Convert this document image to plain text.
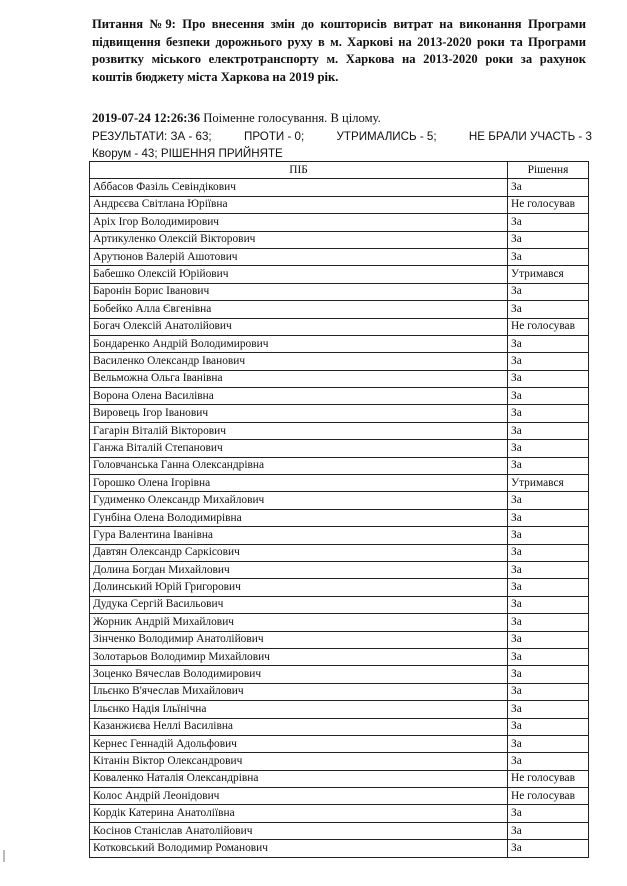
Питання №9: Про внесення змін до кошторисів витрат на виконання Програми підвищення безпеки дорожнього руху в м. Харкові на 2013-2020 роки та Програми розвитку міського електротранспорту м. Харкова на 2013-2020 роки за рахунок коштів бюджету міста Харкова на 2019 рік.
2019-07-24 12:26:36 Поіменне голосування. В цілому.
РЕЗУЛЬТАТИ: ЗА - 63;	ПРОТИ - 0;	УТРИМАЛИСЬ - 5;	НЕ БРАЛИ УЧАСТЬ - 3
Кворум - 43; РІШЕННЯ ПРИЙНЯТЕ
ПІБ	Рішення
Аббасов Фазіль Севіндікович	За
Андрєєва Світлана Юріївна	Не голосував
Аріх Ігор Володимирович	За
Артикуленко Олексій Вікторович	За
Арутюнов Валерій Ашотович	За
Бабешко Олексій Юрійович	Утримався
Баронін Борис Іванович	За
Бобейко Алла Євгенівна	За
Богач Олексій Анатолійович	Не голосував
Бондаренко Андрій Володимирович	За
Василенко Олександр Іванович	За
Вельможна Ольга Іванівна	За
Ворона Олена Василівна	За
Вировець Ігор Іванович	За
Гагарін Віталій Вікторович	За
Ганжа Віталій Степанович	За
Головчанська Ганна Олександрівна	За
Горошко Олена Ігорівна	Утримався
Гудименко Олександр Михайлович	За
Гунбіна Олена Володимирівна	За
Гура Валентина Іванівна	За
Давтян Олександр Саркісович	За
Долина Богдан Михайлович	За
Долинський Юрій Григорович	За
Дудука Сергій Васильович	За
Жорник Андрій Михайлович	За
Зінченко Володимир Анатолійович	За
Золотарьов Володимир Михайлович	За
Зоценко Вячеслав Володимирович	За
Ільєнко В'ячеслав Михайлович	За
Ільєнко Надія Ільїнічна	За
Казанжиєва Неллі Василівна	За
Кернес Геннадій Адольфович	За
Кітанін Віктор Олександрович	За
Коваленко Наталія Олександрівна	Не голосував
Колос Андрій Леонідович	Не голосував
Кордік Катерина Анатоліївна	За
Косінов Станіслав Анатолійович	За
Котковський Володимир Романович	За
